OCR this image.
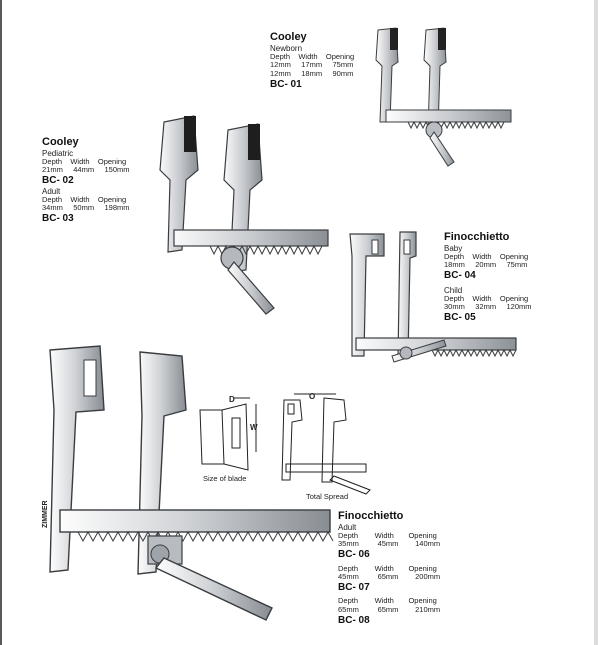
ZIMMER
D
W
Size of blade
O
Total Spread
Cooley
Newborn
Depth    Width    Opening
12mm     17mm     75mm
12mm     18mm     90mm
BC- 01
Cooley
Pediatric
Depth    Width    Opening
21mm     44mm     150mm
BC- 02
Adult
Depth    Width    Opening
34mm     50mm     198mm
BC- 03
Finocchietto
Baby
Depth    Width    Opening
18mm     20mm     75mm
BC- 04
Child
Depth    Width    Opening
30mm     32mm     120mm
BC- 05
Finocchietto
Adult
Depth        Width       Opening
35mm         45mm        140mm
BC- 06
Depth        Width       Opening
45mm         65mm        200mm
BC- 07
Depth        Width       Opening
65mm         65mm        210mm
BC- 08
